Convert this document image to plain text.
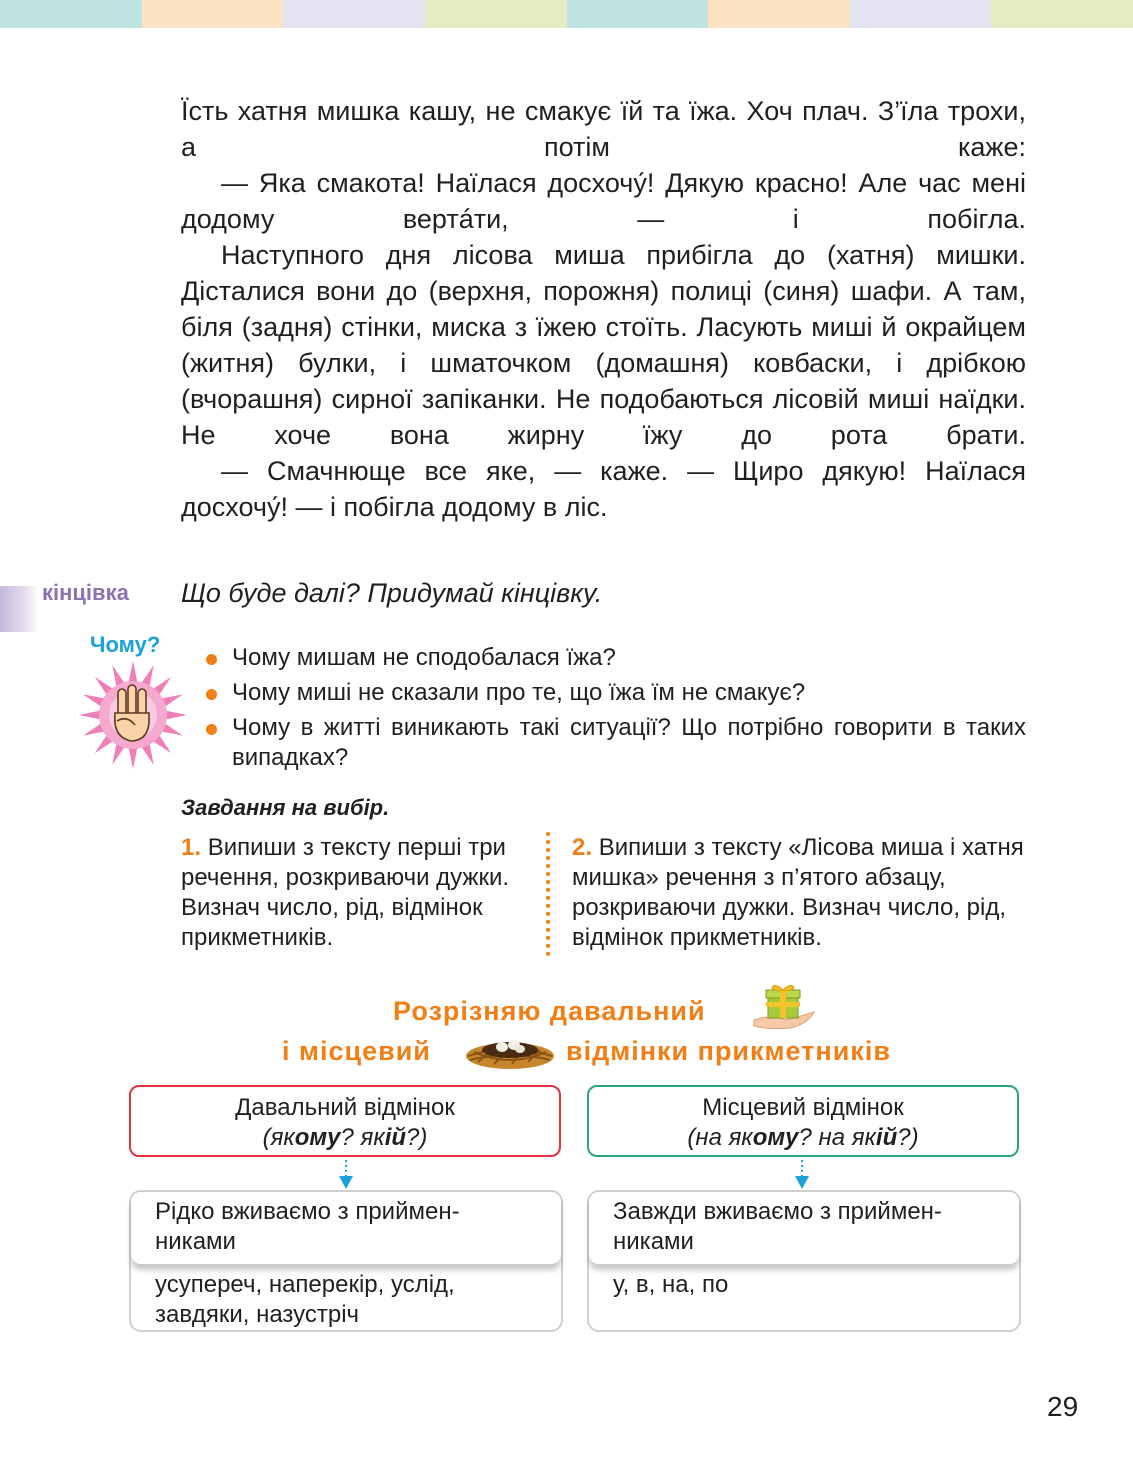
Їсть хатня мишка кашу, не смакує їй та їжа. Хоч плач. З’їла трохи, а потім каже:

— Яка смакота! Наїлася досхочу́! Дякую красно! Але час мені додому вертáти, — і побігла.

Наступного дня лісова миша прибігла до (хатня) мишки. Дісталися вони до (верхня, порожня) полиці (синя) шафи. А там, біля (задня) стінки, миска з їжею стоїть. Ласують миші й окрайцем (житня) булки, і шматочком (домашня) ковбаски, і дрібкою (вчорашня) сирної запіканки. Не подобаються лісовій миші наїдки. Не хоче вона жирну їжу до рота брати.

— Смачнюще все яке, — каже. — Щиро дякую! Наїлася досхочу́! — і побігла додому в ліс.

кінцівка Що буде далі? Придумай кінцівку.
Чому?	Чому мишам не сподобалася їжа?
Чому миші не сказали про те, що їжа їм не смакує?
Чому в житті виникають такі ситуації? Що потрібно говорити в таких випадках?
Завдання на вибір.
1. Випиши з тексту перші три речення, розкриваючи дужки. Визнач число, рід, відмінок прикметників.
2. Випиши з тексту «Лісова миша і хатня мишка» речення з п’ятого абзацу, розкриваючи дужки. Визнач число, рід, відмінок прикметників.
Розрізняю давальний
і місцевий	відмінки прикметників
Давальний відмінок
(якому? якій?)
Місцевий відмінок
(на якому? на якій?)
Рідко вживаємо з приймен-никами
усупереч, наперекір, услід, завдяки, назустріч
Завжди вживаємо з приймен-никами
у, в, на, по
29
